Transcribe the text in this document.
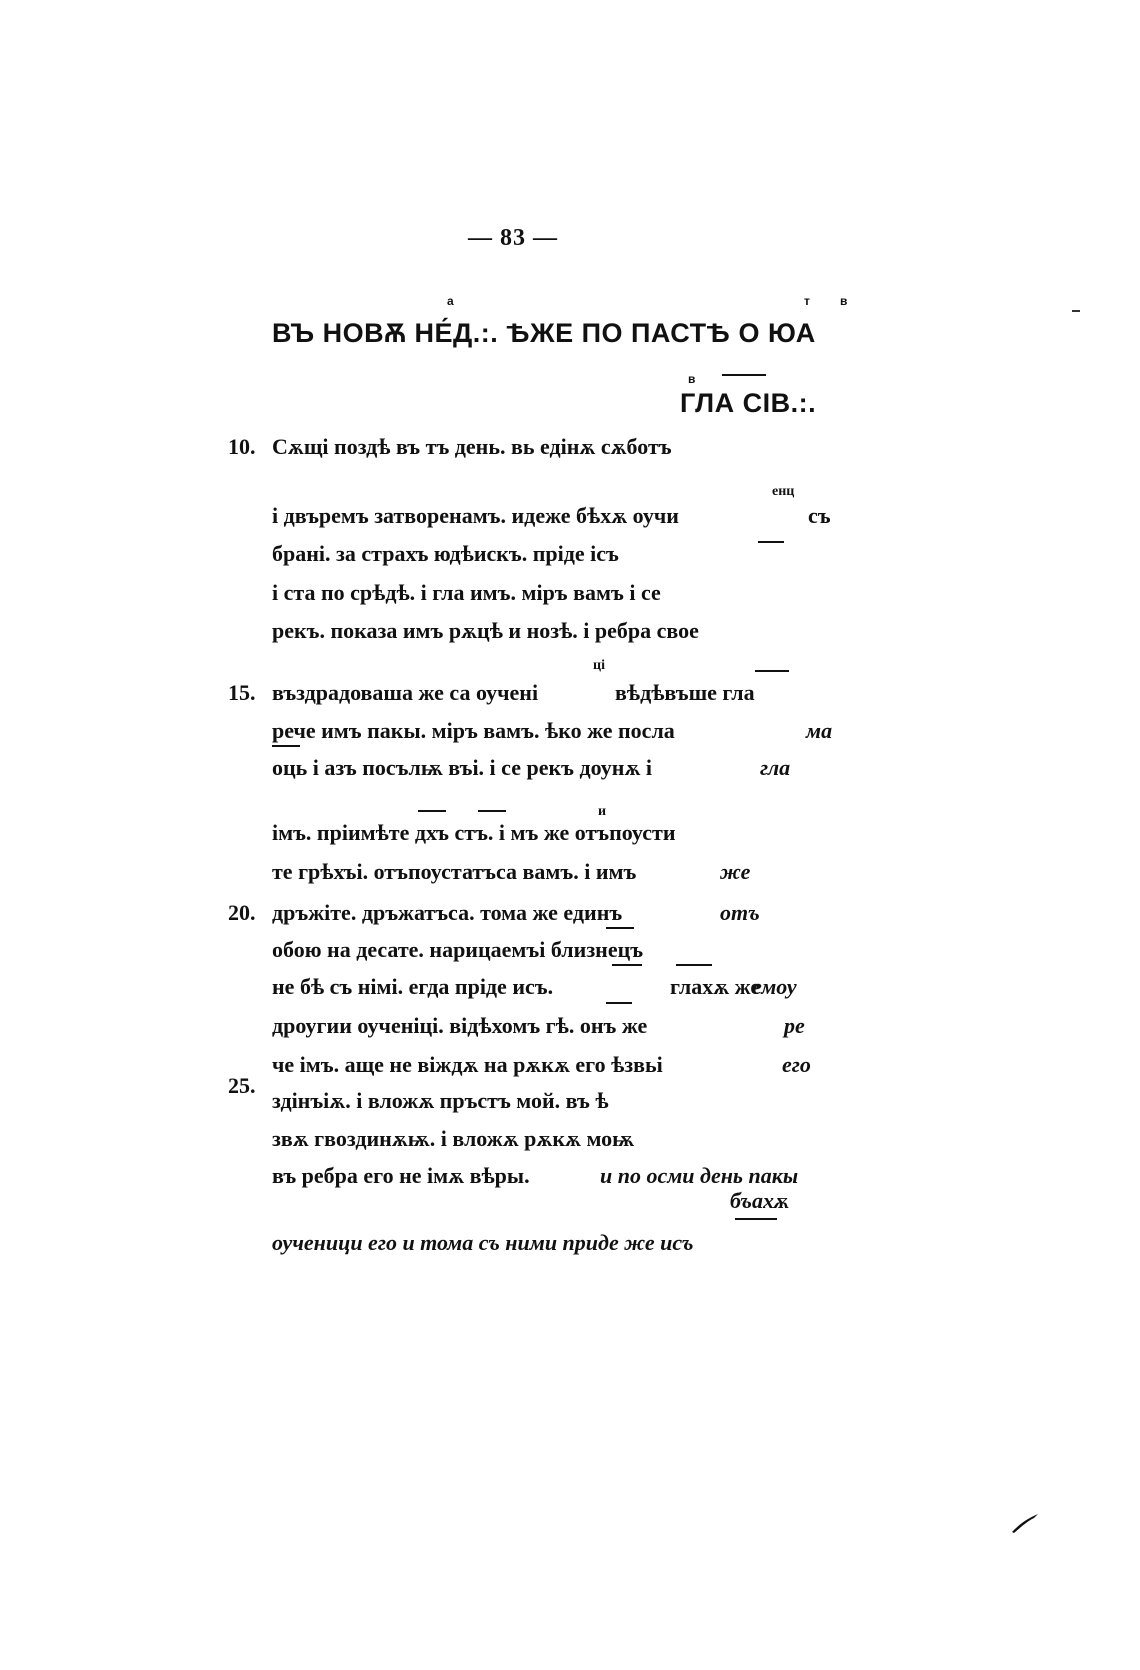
— 83 —
а	т	в
ВЪ НОВѪ НЕ́Д.:. ѢЖЕ ПО ПАСТѢ О ЮА
в
ГЛА СІВ.:.
10.
15.
20.
25.
енц
ці
и
бъахѫ
Сѫщі поздѣ въ тъ день. вь едінѫ сѫботъ
і двъремъ затворенамъ. идеже бѣхѫ оучи	съ
брані. за страхъ юдѣискъ. пріде ісъ
і ста по срѣдѣ. і гла имъ. міръ вамъ і се
рекъ. показа имъ рѫцѣ и нозѣ. і ребра свое
въздрадоваша же са оученi	вѣдѣвъше гла
рече имъ пакы. міръ вамъ. ѣко же посла	ма
оць і азъ посълѭ въі. і се рекъ доунѫ і	гла
імъ. пріимѣте дхъ стъ. і мъ же отъпоусти
те грѣхъі. отъпоустатъса вамъ. і имъ	же
дръжіте. дръжатъса. тома же единъ	отъ
обою на десате. нарицаемъі близнецъ
не бѣ съ німі. егда пріде исъ.	глахѫ же
емоу
дроугии оученіці. відѣхомъ гѣ. онъ же	ре
че імъ. аще не віждѫ на рѫкѫ его ѣзвьі	его
здінъіѫ. і вложѫ пръстъ мой. въ ѣ
звѫ гвоздинѫѭ. і вложѫ рѫкѫ моѭ
въ ребра его не імѫ вѣры.	и по осми день пакы
оученици его и тома съ ними приде же исъ
